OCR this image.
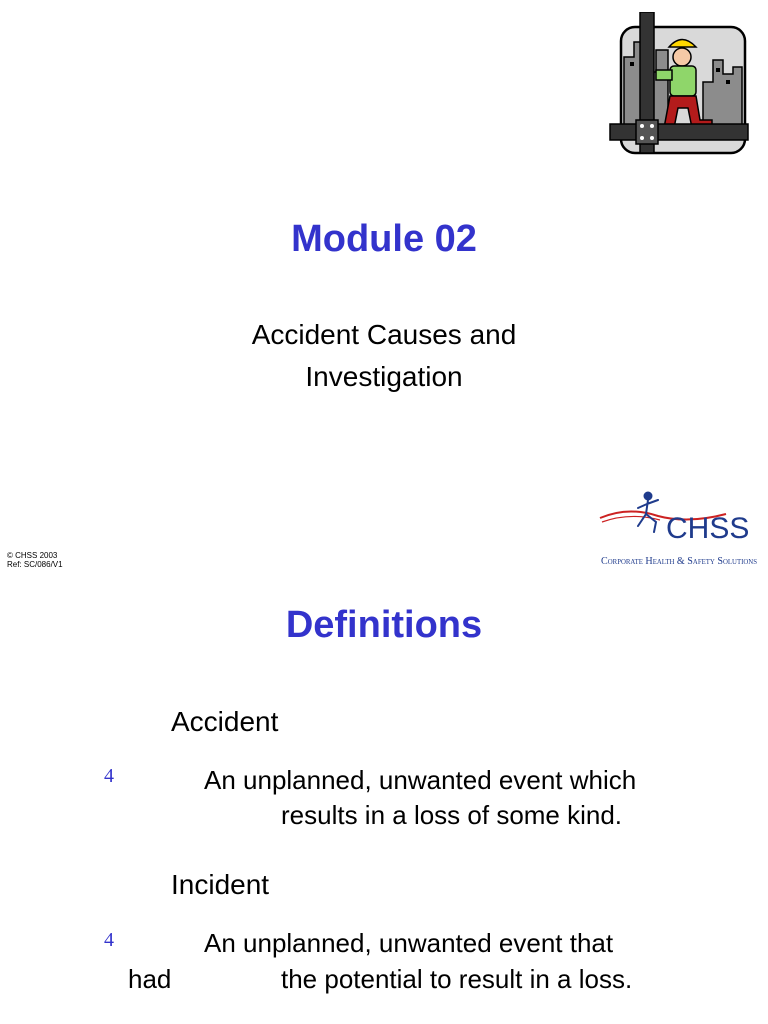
Module 02
Accident Causes and
Investigation
© CHSS 2003
Ref: SC/086/V1
CHSS
Corporate Health & Safety Solutions
Definitions
Accident
4	An unplanned, unwanted event which
results in a loss of some kind.
Incident
4	An unplanned, unwanted event that
had	the potential to result in a loss.
